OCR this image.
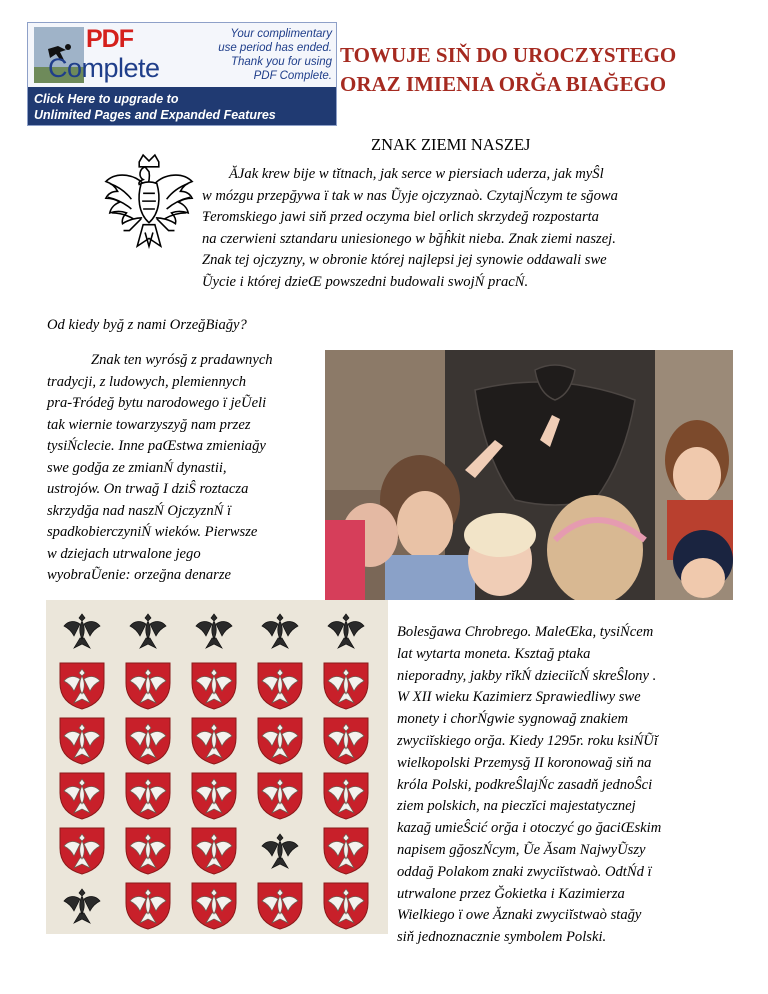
PDF
Complete
Your complimentary
use period has ended.
Thank you for using
PDF Complete.
Click Here to upgrade to
Unlimited Pages and Expanded Features
TOWUJE SIŇ DO UROCZYSTEGO
ORAZ IMIENIA ORĞA BIAĞEGO
ZNAK ZIEMI NASZEJ

ĂJak krew bije w tĭtnach, jak serce w piersiach uderza, jak myŜl

w mózgu przepğywa ï tak w nas Ũyje ojczyznaò. CzytajŃczym te sğowa
Ŧeromskiego jawi siň przed oczyma biel orlich skrzydeğ rozpostarta
na czerwieni sztandaru uniesionego w bğĥkit nieba. Znak ziemi naszej.
Znak tej ojczyzny, w obronie której najlepsi jej synowie oddawali swe
Ũycie i której dzieŒ powszedni budowali swojŃ pracŃ.
Od kiedy byğ z nami OrzeğBiağy?

Znak ten wyrósğ z pradawnych

tradycji, z ludowych, plemiennych
pra-Ŧródeğ bytu narodowego ï jeŨeli
tak wiernie towarzyszyğ nam przez
tysiŃclecie. Inne paŒstwa zmieniağy
swe godğa ze zmianŃ dynastii,
ustrojów. On trwağ I dziŜ roztacza
skrzydğa nad naszŃ OjczyznŃ ï
spadkobierczyniŃ wieków. Pierwsze
w dziejach utrwalone jego
wyobraŨenie: orzeğna denarze
Bolesğawa Chrobrego. MaleŒka, tysiŃcem
lat wytarta moneta. Ksztağ ptaka
nieporadny, jakby rĭkŃ dzieciĭcŃ skreŜlony .
W XII wieku Kazimierz Sprawiedliwy swe
monety i chorŃgwie sygnowağ znakiem
zwyciĭskiego orğa. Kiedy 1295r. roku ksiŃŨĭ
wielkopolski Przemysğ II koronowağ siň na
króla Polski, podkreŜlajŃc zasadň jednoŜci
ziem polskich, na pieczĭci majestatycznej
kazağ umieŜcić orğa i otoczyć go ğaciŒskim
napisem gğoszŃcym, Ũe Ăsam NajwyŨszy
oddağ Polakom znaki zwyciĭstwaò. OdtŃd ï
utrwalone przez Ğokietka i Kazimierza
Wielkiego ï owe Ăznaki zwyciĭstwaò stağy
siň jednoznacznie symbolem Polski.
